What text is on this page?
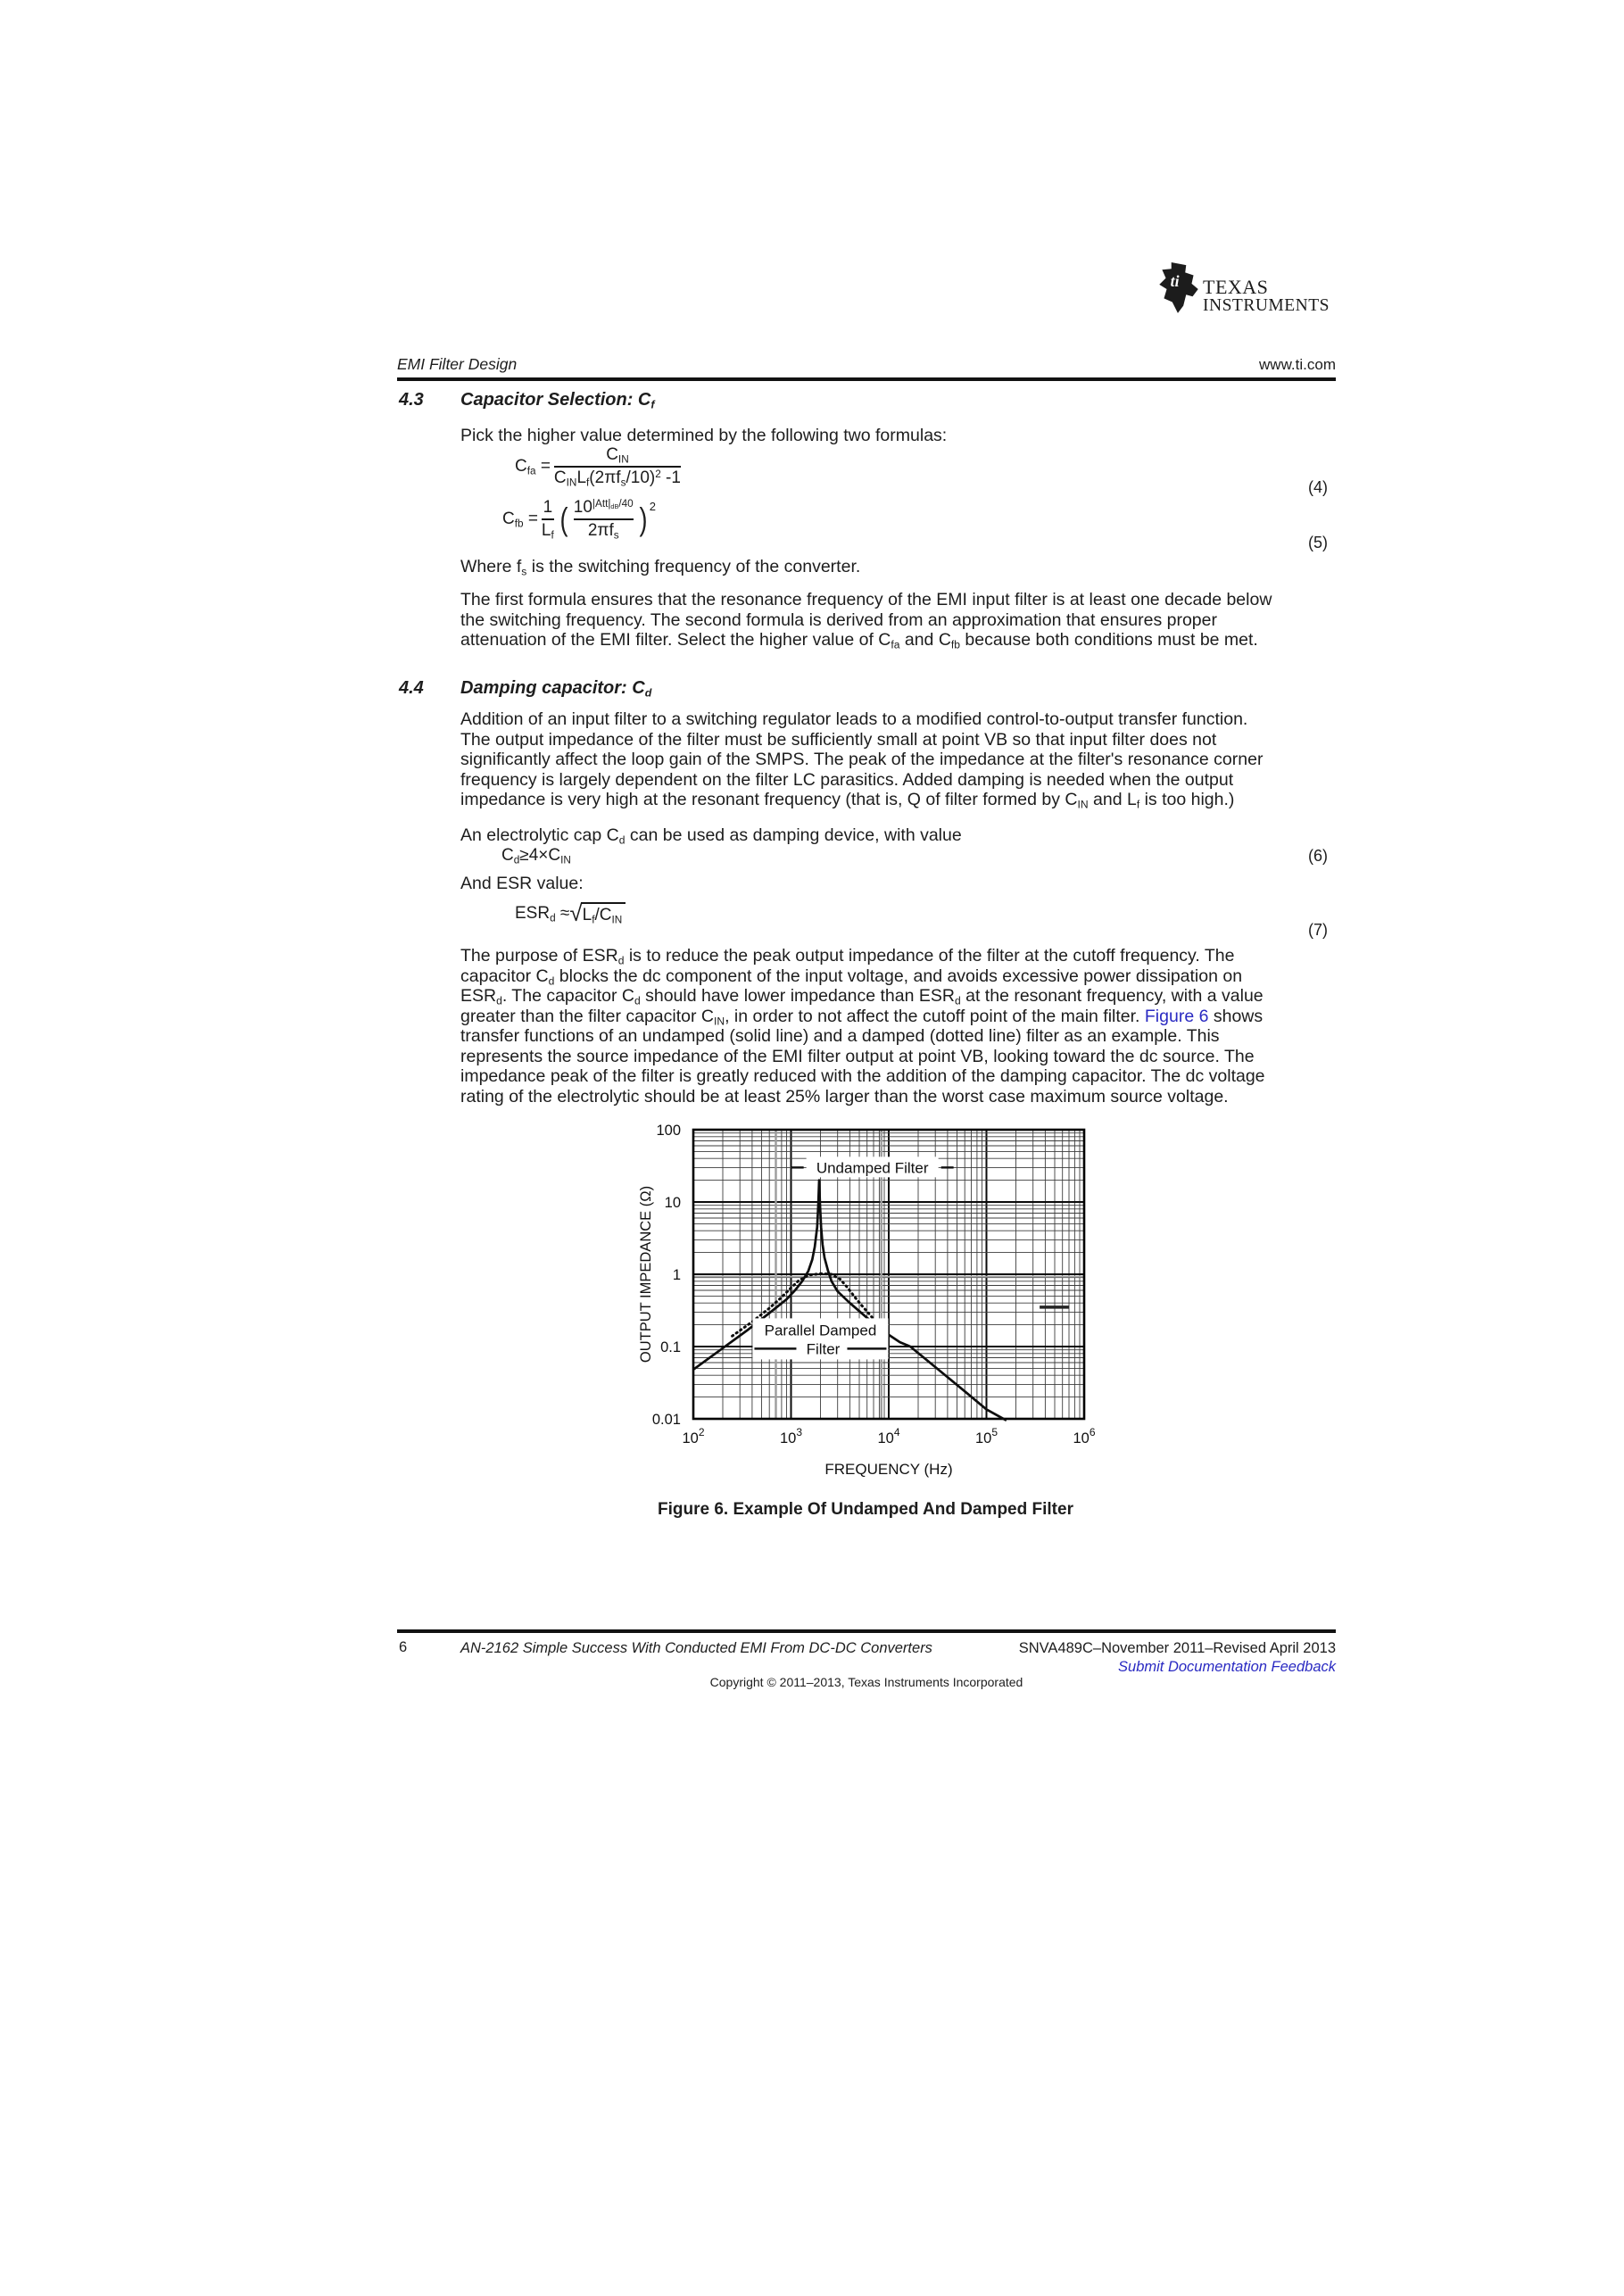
ti TEXAS
INSTRUMENTS
EMI Filter Design	www.ti.com
4.3 Capacitor Selection: $C_f$
Pick the higher value determined by the following two formulas:
$C_{fa} = \frac{C_{IN}}{C_{IN}L_f(2\pi f_s/10)^2 -1}$	(4)
$C_{fb} = \frac{1}{L_f}$ ( $\frac{10^{|Att|_{dB}/40}}{2\pi f_s}$ ) 2
(5)
Where $f_s$ is the switching frequency of the converter.
The first formula ensures that the resonance frequency of the EMI input filter is at least one decade below
the switching frequency. The second formula is derived from an approximation that ensures proper
attenuation of the EMI filter. Select the higher value of $C_{fa}$ and $C_{fb}$ because both conditions must be met.
4.4 Damping capacitor: $C_d$
Addition of an input filter to a switching regulator leads to a modified control-to-output transfer function.
The output impedance of the filter must be sufficiently small at point VB so that input filter does not
significantly affect the loop gain of the SMPS. The peak of the impedance at the filter's resonance corner
frequency is largely dependent on the filter LC parasitics. Added damping is needed when the output
impedance is very high at the resonant frequency (that is, Q of filter formed by $C_{IN}$ and $L_f$ is too high.)
An electrolytic cap $C_d$ can be used as damping device, with value
$C_d\ge 4\times C_{IN}$	(6)
And ESR value:
$ESR_d$ ≈ √ $L_f/C_{IN}$
(7)
The purpose of $ESR_d$ is to reduce the peak output impedance of the filter at the cutoff frequency. The
capacitor $C_d$ blocks the dc component of the input voltage, and avoids excessive power dissipation on
$ESR_d$. The capacitor $C_d$ should have lower impedance than $ESR_d$ at the resonant frequency, with a value
greater than the filter capacitor $C_{IN}$, in order to not affect the cutoff point of the main filter. Figure 6 shows
transfer functions of an undamped (solid line) and a damped (dotted line) filter as an example. This
represents the source impedance of the EMI filter output at point VB, looking toward the dc source. The
impedance peak of the filter is greatly reduced with the addition of the damping capacitor. The dc voltage
rating of the electrolytic should be at least 25% larger than the worst case maximum source voltage.
Undamped Filter
Parallel Damped
Filter
$10^2$	$10^3$	$10^4$	$10^5$	$10^6$
100
10
1
0.1
0.01
FREQUENCY (Hz)
OUTPUT IMPEDANCE (Ω)
Figure 6. Example Of Undamped And Damped Filter
6	AN-2162 Simple Success With Conducted EMI From DC-DC Converters	SNVA489C–November 2011–Revised April 2013
Submit Documentation Feedback
Copyright © 2011–2013, Texas Instruments Incorporated
